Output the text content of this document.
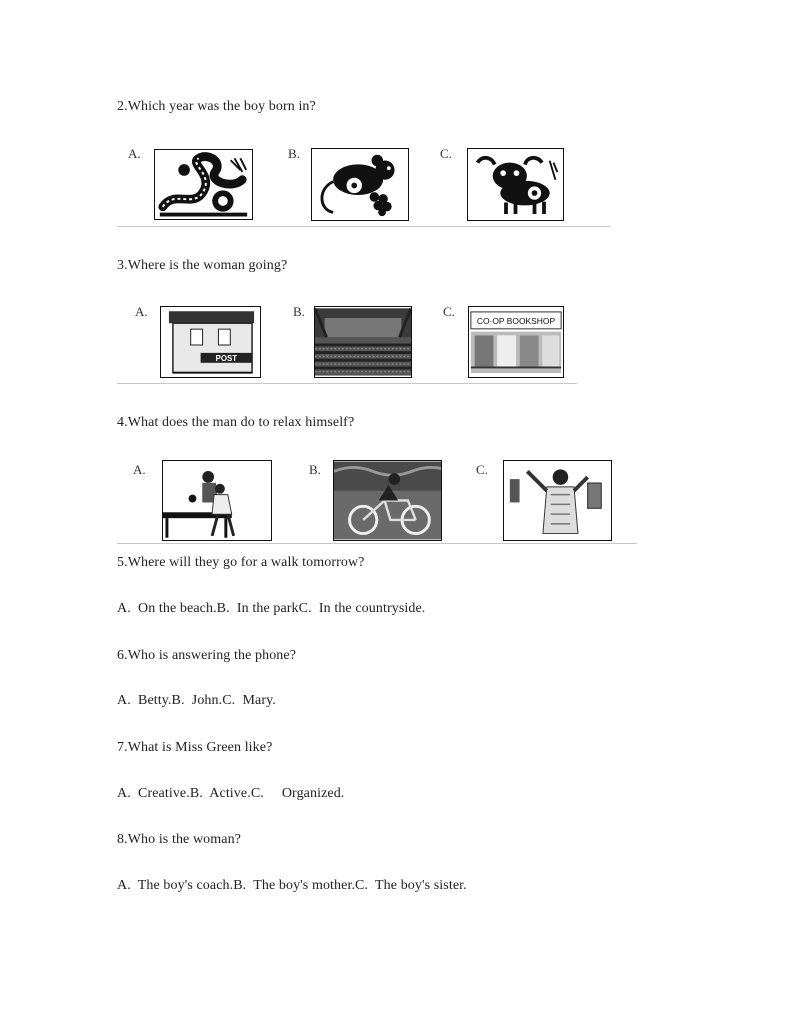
2.Which year was the boy born in?
A.	B.	C.
3.Where is the woman going?
A.
POST
B.	C.
CO·OP BOOKSHOP
4.What does the man do to relax himself?
A.	B.	C.
5.Where will they go for a walk tomorrow?
A.  On the beach.B.  In the parkC.  In the countryside.
6.Who is answering the phone?
A.  Betty.B.  John.C.  Mary.
7.What is Miss Green like?
A.  Creative.B.  Active.C.     Organized.
8.Who is the woman?
A.  The boy's coach.B.  The boy's mother.C.  The boy's sister.
